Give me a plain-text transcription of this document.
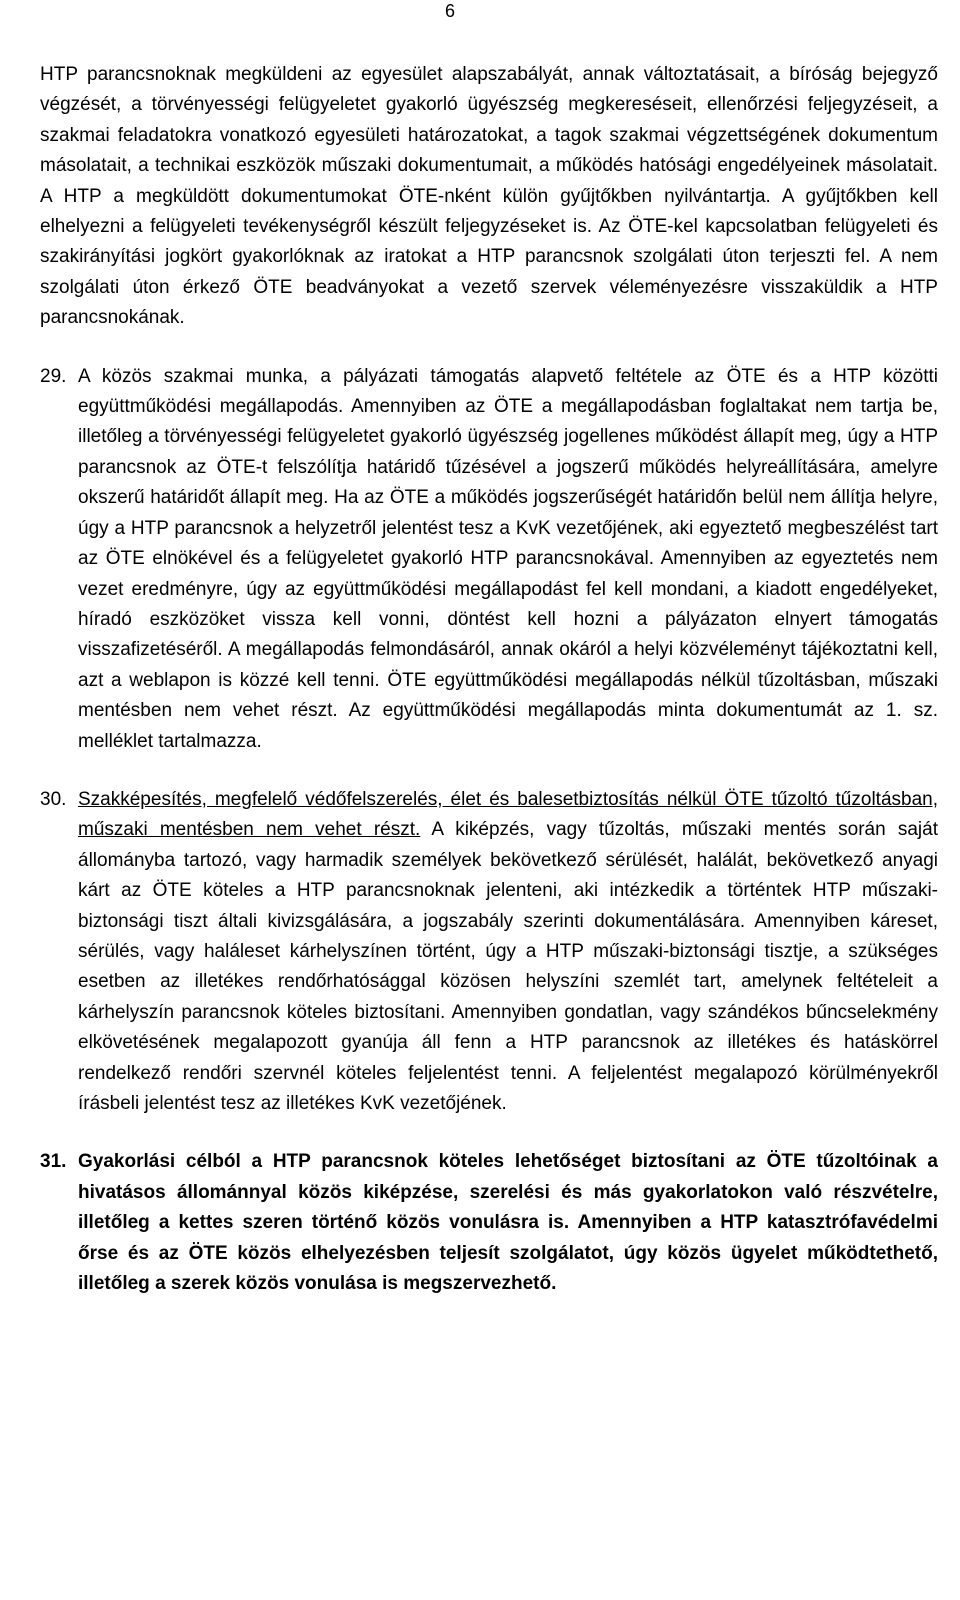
6

HTP parancsnoknak megküldeni az egyesület alapszabályát, annak változtatásait, a bíróság bejegyző végzését, a törvényességi felügyeletet gyakorló ügyészség megkereséseit, ellenőrzési feljegyzéseit, a szakmai feladatokra vonatkozó egyesületi határozatokat, a tagok szakmai végzettségének dokumentum másolatait, a technikai eszközök műszaki dokumentumait, a működés hatósági engedélyeinek másolatait. A HTP a megküldött dokumentumokat ÖTE-nként külön gyűjtőkben nyilvántartja. A gyűjtőkben kell elhelyezni a felügyeleti tevékenységről készült feljegyzéseket is. Az ÖTE-kel kapcsolatban felügyeleti és szakirányítási jogkört gyakorlóknak az iratokat a HTP parancsnok szolgálati úton terjeszti fel. A nem szolgálati úton érkező ÖTE beadványokat a vezető szervek véleményezésre visszaküldik a HTP parancsnokának.

29. A közös szakmai munka, a pályázati támogatás alapvető feltétele az ÖTE és a HTP közötti együttműködési megállapodás. Amennyiben az ÖTE a megállapodásban foglaltakat nem tartja be, illetőleg a törvényességi felügyeletet gyakorló ügyészség jogellenes működést állapít meg, úgy a HTP parancsnok az ÖTE-t felszólítja határidő tűzésével a jogszerű működés helyreállítására, amelyre okszerű határidőt állapít meg. Ha az ÖTE a működés jogszerűségét határidőn belül nem állítja helyre, úgy a HTP parancsnok a helyzetről jelentést tesz a KvK vezetőjének, aki egyeztető megbeszélést tart az ÖTE elnökével és a felügyeletet gyakorló HTP parancsnokával. Amennyiben az egyeztetés nem vezet eredményre, úgy az együttműködési megállapodást fel kell mondani, a kiadott engedélyeket, híradó eszközöket vissza kell vonni, döntést kell hozni a pályázaton elnyert támogatás visszafizetéséről. A megállapodás felmondásáról, annak okáról a helyi közvéleményt tájékoztatni kell, azt a weblapon is közzé kell tenni. ÖTE együttműködési megállapodás nélkül tűzoltásban, műszaki mentésben nem vehet részt. Az együttműködési megállapodás minta dokumentumát az 1. sz. melléklet tartalmazza.

30. Szakképesítés, megfelelő védőfelszerelés, élet és balesetbiztosítás nélkül ÖTE tűzoltó tűzoltásban, műszaki mentésben nem vehet részt. A kiképzés, vagy tűzoltás, műszaki mentés során saját állományba tartozó, vagy harmadik személyek bekövetkező sérülését, halálát, bekövetkező anyagi kárt az ÖTE köteles a HTP parancsnoknak jelenteni, aki intézkedik a történtek HTP műszaki-biztonsági tiszt általi kivizsgálására, a jogszabály szerinti dokumentálására. Amennyiben káreset, sérülés, vagy haláleset kárhelyszínen történt, úgy a HTP műszaki-biztonsági tisztje, a szükséges esetben az illetékes rendőrhatósággal közösen helyszíni szemlét tart, amelynek feltételeit a kárhelyszín parancsnok köteles biztosítani. Amennyiben gondatlan, vagy szándékos bűncselekmény elkövetésének megalapozott gyanúja áll fenn a HTP parancsnok az illetékes és hatáskörrel rendelkező rendőri szervnél köteles feljelentést tenni. A feljelentést megalapozó körülményekről írásbeli jelentést tesz az illetékes KvK vezetőjének.

31. Gyakorlási célból a HTP parancsnok köteles lehetőséget biztosítani az ÖTE tűzoltóinak a hivatásos állománnyal közös kiképzése, szerelési és más gyakorlatokon való részvételre, illetőleg a kettes szeren történő közös vonulásra is. Amennyiben a HTP katasztrófavédelmi őrse és az ÖTE közös elhelyezésben teljesít szolgálatot, úgy közös ügyelet működtethető, illetőleg a szerek közös vonulása is megszervezhető.
